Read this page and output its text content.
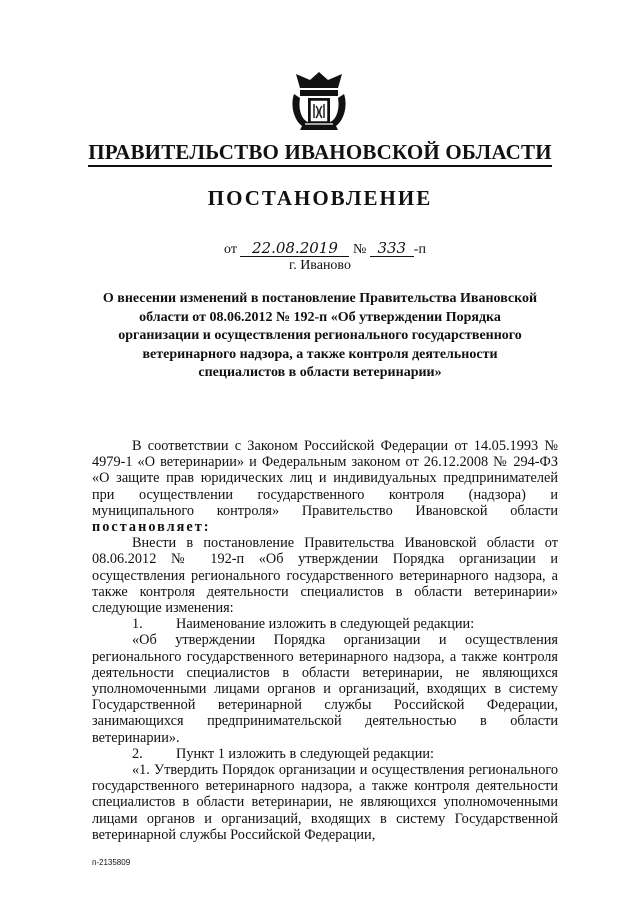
ПРАВИТЕЛЬСТВО ИВАНОВСКОЙ ОБЛАСТИ
ПОСТАНОВЛЕНИЕ
от 22.08.2019 № 333 -п
г. Иваново
О внесении изменений в постановление Правительства Ивановской области от 08.06.2012 № 192-п «Об утверждении Порядка организации и осуществления регионального государственного ветеринарного надзора, а также контроля деятельности специалистов в области ветеринарии»

В соответствии с Законом Российской Федерации от 14.05.1993 № 4979-1 «О ветеринарии» и Федеральным законом от 26.12.2008 № 294-ФЗ «О защите прав юридических лиц и индивидуальных предпринимателей при осуществлении государственного контроля (надзора) и муниципального контроля» Правительство Ивановской области постановляет:

Внести в постановление Правительства Ивановской области от 08.06.2012 № 192-п «Об утверждении Порядка организации и осуществления регионального государственного ветеринарного надзора, а также контроля деятельности специалистов в области ветеринарии» следующие изменения:

1. Наименование изложить в следующей редакции:

«Об утверждении Порядка организации и осуществления регионального государственного ветеринарного надзора, а также контроля деятельности специалистов в области ветеринарии, не являющихся уполномоченными лицами органов и организаций, входящих в систему Государственной ветеринарной службы Российской Федерации, занимающихся предпринимательской деятельностью в области ветеринарии».

2. Пункт 1 изложить в следующей редакции:

«1. Утвердить Порядок организации и осуществления регионального государственного ветеринарного надзора, а также контроля деятельности специалистов в области ветеринарии, не являющихся уполномоченными лицами органов и организаций, входящих в систему Государственной ветеринарной службы Российской Федерации,

п-2135809
